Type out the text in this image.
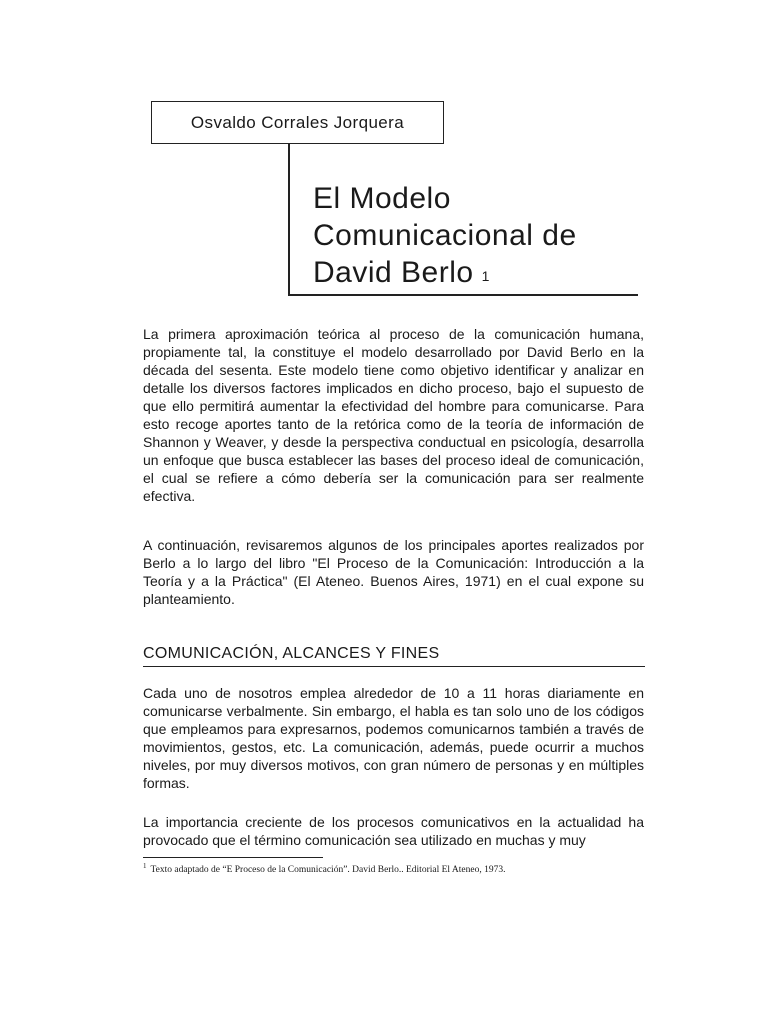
Osvaldo Corrales Jorquera
El Modelo
Comunicacional de
David Berlo $^1$

La primera aproximación teórica al proceso de la comunicación humana, propiamente tal, la constituye el modelo desarrollado por David Berlo en la década del sesenta. Este modelo tiene como objetivo identificar y analizar en detalle los diversos factores implicados en dicho proceso, bajo el supuesto de que ello permitirá aumentar la efectividad del hombre para comunicarse. Para esto recoge aportes tanto de la retórica como de la teoría de información de Shannon y Weaver, y desde la perspectiva conductual en psicología, desarrolla un enfoque que busca establecer las bases del proceso ideal de comunicación, el cual se refiere a cómo debería ser la comunicación para ser realmente efectiva.

A continuación, revisaremos algunos de los principales aportes realizados por Berlo a lo largo del libro "El Proceso de la Comunicación: Introducción a la Teoría y a la Práctica" (El Ateneo. Buenos Aires, 1971) en el cual expone su planteamiento.

COMUNICACIÓN, ALCANCES Y FINES

Cada uno de nosotros emplea alrededor de 10 a 11 horas diariamente en comunicarse verbalmente. Sin embargo, el habla es tan solo uno de los códigos que empleamos para expresarnos, podemos comunicarnos también a través de movimientos, gestos, etc. La comunicación, además, puede ocurrir a muchos niveles, por muy diversos motivos, con gran número de personas y en múltiples formas.

La importancia creciente de los procesos comunicativos en la actualidad ha provocado que el término comunicación sea utilizado en muchas y muy

$^1$ Texto adaptado de “E Proceso de la Comunicación”. David Berlo.. Editorial El Ateneo, 1973.
